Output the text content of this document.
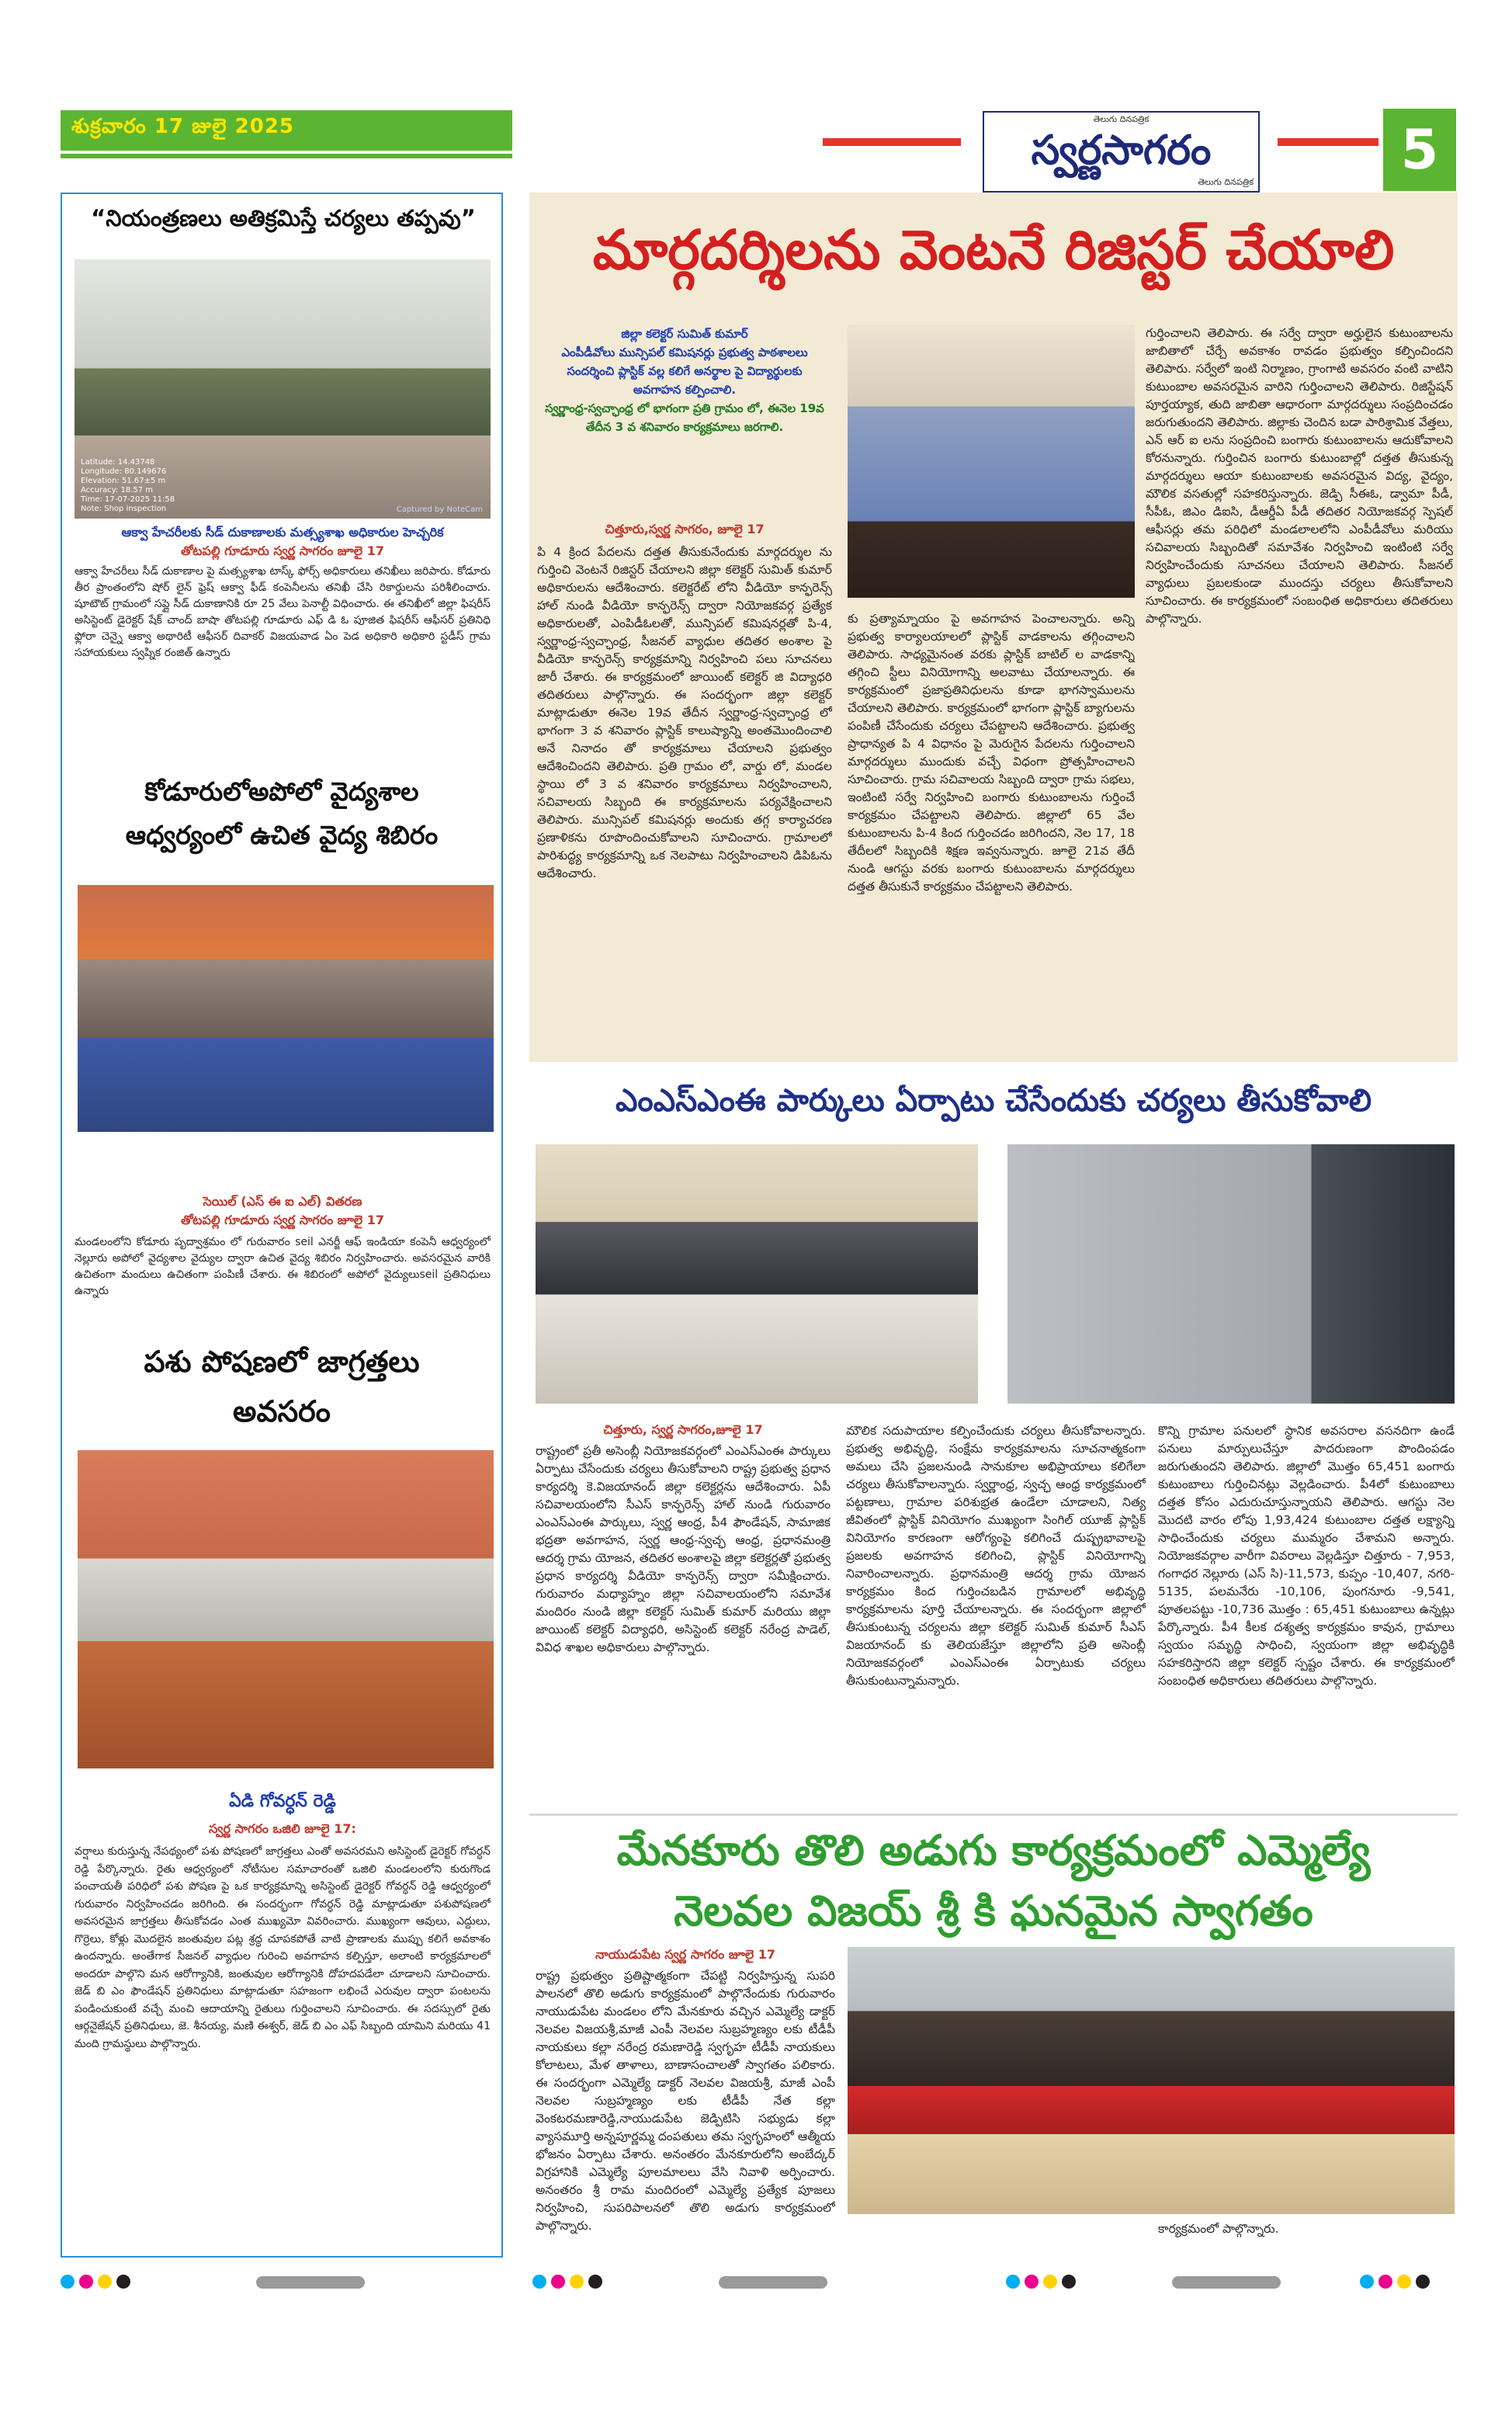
శుక్రవారం 17 జులై 2025	తెలుగు దినపత్రిక
స్వర్ణసాగరం
తెలుగు దినపత్రిక
5
“నియంత్రణలు అతిక్రమిస్తే చర్యలు తప్పవు”
Latitude: 14.43748
Longitude: 80.149676
Elevation: 51.67±5 m
Accuracy: 18.57 m
Time: 17-07-2025 11:58
Note: Shop inspection	Captured by NoteCam
ఆక్వా హేచరీలకు సీడ్ దుకాణాలకు మత్స్యశాఖ అధికారుల హెచ్చరిక
తోటపల్లి గూడూరు స్వర్ణ సాగరం జూలై 17
ఆక్వా హేచరీలు సీడ్ దుకాణాల పై మత్స్యశాఖ టాస్క్ ఫోర్స్ అధికారులు తనిఖీలు జరిపారు. కోడూరు తీర ప్రాంతంలోని షోర్ లైన్ ఫ్రెష్ ఆక్వా ఫీడ్ కంపెనీలను తనిఖీ చేసి రికార్డులను పరిశీలించారు. షూటౌట్ గ్రామంలో సప్లై సీడ్ దుకాణానికి రూ 25 వేలు పెనాల్టీ విధించారు. ఈ తనిఖీలో జిల్లా ఫిషరీస్ అసిస్టెంట్ డైరెక్టర్ షేక్ చాంద్ బాషా తోటపల్లి గూడూరు ఎఫ్ డి ఓ పూజిత ఫిషరీస్ ఆఫీసర్ ప్రతినిధి ఫ్లోరా చెన్నై ఆక్వా అథారిటీ ఆఫీసర్ దివాకర్ విజయవాడ ఏం పెడ అధికారి అధికారి స్టడీస్ గ్రామ సహాయకులు స్వప్నిక రంజిత్ ఉన్నారు
కోడూరులోఅపోలో వైద్యశాల ఆధ్వర్యంలో ఉచిత వైద్య శిబిరం
సెయిల్ (ఎస్ ఈ ఐ ఎల్) వితరణ
తోటపల్లి గూడూరు స్వర్ణ సాగరం జూలై 17
మండలంలోని కోడూరు పృద్వాశ్రమం లో గురువారం seil ఎనర్జీ ఆఫ్ ఇండియా కంపెనీ ఆధ్వర్యంలో నెల్లూరు అపోలో వైద్యశాల వైద్యుల ద్వారా ఉచిత వైద్య శిబిరం నిర్వహించారు. అవసరమైన వారికి ఉచితంగా మందులు ఉచితంగా పంపిణీ చేశారు. ఈ శిబిరంలో అపోలో వైద్యులుseil ప్రతినిధులు ఉన్నారు
పశు పోషణలో జాగ్రత్తలు అవసరం
ఏడి గోవర్ధన్ రెడ్డి
స్వర్ణ సాగరం ఒజిలి జూలై 17:
వర్షాలు కురుస్తున్న నేపథ్యంలో పశు పోషణలో జాగ్రత్తలు ఎంతో అవసరమని అసిస్టెంట్ డైరెక్టర్ గోవర్ధన్ రెడ్డి పేర్కొన్నారు. రైతు ఆధ్వర్యంలో నోటీసుల సమాచారంతో ఒజిలి మండలంలోని కురుగొండ పంచాయతీ పరిధిలో పశు పోషణ పై ఒక కార్యక్రమాన్ని అసిస్టెంట్ డైరెక్టర్ గోవర్ధన్ రెడ్డి ఆధ్వర్యంలో గురువారం నిర్వహించడం జరిగింది. ఈ సందర్భంగా గోవర్ధన్ రెడ్డి మాట్లాడుతూ పశుపోషణలో అవసరమైన జాగ్రత్తలు తీసుకోవడం ఎంత ముఖ్యమో వివరించారు. ముఖ్యంగా ఆవులు, ఎద్దులు, గొర్రెలు, కోళ్లు మొదలైన జంతువుల పట్ల శ్రద్ధ చూపకపోతే వాటి ప్రాణాలకు ముప్పు కలిగే అవకాశం ఉందన్నారు. అంతేగాక సీజనల్ వ్యాధుల గురించి అవగాహన కల్పిస్తూ, అలాంటి కార్యక్రమాలలో అందరూ పాల్గొని మన ఆరోగ్యానికి, జంతువుల ఆరోగ్యానికి దోహదపడేలా చూడాలని సూచించారు. జెడ్ బి ఎం ఫౌండేషన్ ప్రతినిధులు మాట్లాడుతూ సహజంగా లభించే ఎరువుల ద్వారా పంటలను పండించుకుంటే వచ్చే మంచి ఆదాయాన్ని రైతులు గుర్తించాలని సూచించారు. ఈ సదస్సులో రైతు ఆర్గనైజేషన్ ప్రతినిధులు, జె. శీనయ్య, మణి ఈశ్వర్, జెడ్ బి ఎం ఎఫ్ సిబ్బంది యామిని మరియు 41 మంది గ్రామస్థులు పాల్గొన్నారు.
మార్గదర్శిలను వెంటనే రిజిస్టర్ చేయాలి
జిల్లా కలెక్టర్ సుమిత్ కుమార్
ఎంపీడీవోలు మున్సిపల్ కమిషనర్లు ప్రభుత్వ పాఠశాలలు
సందర్శించి ప్లాస్టిక్ వల్ల కలిగే అనర్థాల పై విద్యార్థులకు
అవగాహన కల్పించాలి.
స్వర్ణాంధ్ర-స్వచ్ఛాంధ్ర లో భాగంగా ప్రతి గ్రామం లో, ఈనెల 19వ తేదీన 3 వ శనివారం కార్యక్రమాలు జరగాలి.
చిత్తూరు,స్వర్ణ సాగరం, జూలై 17
పి 4 క్రింద పేదలను దత్తత తీసుకునేందుకు మార్గదర్శుల ను గుర్తించి వెంటనే రిజిస్టర్ చేయాలని జిల్లా కలెక్టర్ సుమిత్ కుమార్ అధికారులను ఆదేశించారు. కలెక్టరేట్ లోని వీడియో కాన్ఫరెన్స్ హాల్ నుండి వీడియో కాన్ఫరెన్స్ ద్వారా నియోజకవర్గ ప్రత్యేక అధికారులతో, ఎంపిడీఓలతో, మున్సిపల్ కమిషనర్లతో పి-4, స్వర్ణాంధ్ర-స్వచ్ఛాంధ్ర, సీజనల్ వ్యాధుల తదితర అంశాల పై వీడియో కాన్ఫరెన్స్ కార్యక్రమాన్ని నిర్వహించి పలు సూచనలు జారీ చేశారు. ఈ కార్యక్రమంలో జాయింట్ కలెక్టర్ జి విద్యాధరి తదితరులు పాల్గొన్నారు. ఈ సందర్భంగా జిల్లా కలెక్టర్ మాట్లాడుతూ ఈనెల 19వ తేదీన స్వర్ణాంధ్ర-స్వచ్ఛాంధ్ర లో భాగంగా 3 వ శనివారం ప్లాస్టిక్ కాలుష్యాన్ని అంతమొందించాలి అనే నినాదం తో కార్యక్రమాలు చేయాలని ప్రభుత్వం ఆదేశించిందని తెలిపారు. ప్రతి గ్రామం లో, వార్డు లో, మండల స్థాయి లో 3 వ శనివారం కార్యక్రమాలు నిర్వహించాలని, సచివాలయ సిబ్బంది ఈ కార్యక్రమాలను పర్యవేక్షించాలని తెలిపారు. మున్సిపల్ కమిషనర్లు అందుకు తగ్గ కార్యాచరణ ప్రణాళికను రూపొందించుకోవాలని సూచించారు. గ్రామాలలో పారిశుద్ధ్య కార్యక్రమాన్ని ఒక నెలపాటు నిర్వహించాలని డిపిఓను ఆదేశించారు.
కు ప్రత్యామ్నాయం పై అవగాహన పెంచాలన్నారు. అన్ని ప్రభుత్వ కార్యాలయాలలో ప్లాస్టిక్ వాడకాలను తగ్గించాలని తెలిపారు. సాధ్యమైనంత వరకు ప్లాస్టిక్ బాటిల్ ల వాడకాన్ని తగ్గించి స్టీలు వినియోగాన్ని అలవాటు చేయాలన్నారు. ఈ కార్యక్రమంలో ప్రజాప్రతినిధులను కూడా భాగస్వాములను చేయాలని తెలిపారు. కార్యక్రమంలో భాగంగా ప్లాస్టిక్ బ్యాగులను పంపిణీ చేసేందుకు చర్యలు చేపట్టాలని ఆదేశించారు. ప్రభుత్వ ప్రాధాన్యత పి 4 విధానం పై మెరుగైన పేదలను గుర్తించాలని మార్గదర్శులు ముందుకు వచ్చే విధంగా ప్రోత్సహించాలని సూచించారు. గ్రామ సచివాలయ సిబ్బంది ద్వారా గ్రామ సభలు, ఇంటింటి సర్వే నిర్వహించి బంగారు కుటుంబాలను గుర్తించే కార్యక్రమం చేపట్టాలని తెలిపారు. జిల్లాలో 65 వేల కుటుంబాలను పి-4 కింద గుర్తించడం జరిగిందని, నెల 17, 18 తేదీలలో సిబ్బందికి శిక్షణ ఇవ్వనున్నారు. జూలై 21వ తేదీ నుండి ఆగస్టు వరకు బంగారు కుటుంబాలను మార్గదర్శులు దత్తత తీసుకునే కార్యక్రమం చేపట్టాలని తెలిపారు.
గుర్తించాలని తెలిపారు. ఈ సర్వే ద్వారా అర్హులైన కుటుంబాలను జాబితాలో చేర్చే అవకాశం రావడం ప్రభుత్వం కల్పించిందని తెలిపారు. సర్వేలో ఇంటి నిర్మాణం, గ్రాంగాటి అవసరం వంటి వాటిని కుటుంబాల అవసరమైన వారిని గుర్తించాలని తెలిపారు. రిజిస్టేషన్ పూర్తయ్యాక, తుది జాబితా ఆధారంగా మార్గదర్శులు సంప్రదించడం జరుగుతుందని తెలిపారు. జిల్లాకు చెందిన బడా పారిశ్రామిక వేత్తలు, ఎన్ ఆర్ ఐ లను సంప్రదించి బంగారు కుటుంబాలను ఆదుకోవాలని కోరనున్నారు. గుర్తించిన బంగారు కుటుంబాల్లో దత్తత తీసుకున్న మార్గదర్శులు ఆయా కుటుంబాలకు అవసరమైన విద్య, వైద్యం, మౌలిక వసతుల్లో సహకరిస్తున్నారు. జెడ్పి సీఈఓ, డ్వామా పీడీ, సీపీఓ, జిఎం డిఐసి, డీఆర్డీఏ పీడీ తదితర నియోజకవర్గ స్పెషల్ ఆఫీసర్లు తమ పరిధిలో మండలాలలోని ఎంపీడీవోలు మరియు సచివాలయ సిబ్బందితో సమావేశం నిర్వహించి ఇంటింటి సర్వే నిర్వహించేందుకు సూచనలు చేయాలని తెలిపారు. సీజనల్ వ్యాధులు ప్రబలకుండా ముందస్తు చర్యలు తీసుకోవాలని సూచించారు. ఈ కార్యక్రమంలో సంబంధిత అధికారులు తదితరులు పాల్గొన్నారు.
ఎంఎస్ఎంఈ పార్కులు ఏర్పాటు చేసేందుకు చర్యలు తీసుకోవాలి
చిత్తూరు, స్వర్ణ సాగరం,జూలై 17
రాష్ట్రంలో ప్రతీ అసెంబ్లీ నియోజకవర్గంలో ఎంఎస్ఎంఈ పార్కులు ఏర్పాటు చేసేందుకు చర్యలు తీసుకోవాలని రాష్ట్ర ప్రభుత్వ ప్రధాన కార్యదర్శి కె.విజయానంద్ జిల్లా కలెక్టర్లను ఆదేశించారు. ఏపీ సచివాలయంలోని సీఎస్ కాన్ఫరెన్స్ హాల్ నుండి గురువారం ఎంఎస్ఎంఈ పార్కులు, స్వర్ణ ఆంధ్ర, పీ4 ఫౌండేషన్, సామాజిక భద్రతా అవగాహన, స్వర్ణ ఆంధ్ర-స్వచ్ఛ ఆంధ్ర, ప్రధానమంత్రి ఆదర్శ గ్రామ యోజన, తదితర అంశాలపై జిల్లా కలెక్టర్లతో ప్రభుత్వ ప్రధాన కార్యదర్శి వీడియో కాన్ఫరెన్స్ ద్వారా సమీక్షించారు. గురువారం మధ్యాహ్నం జిల్లా సచివాలయంలోని సమావేశ మందిరం నుండి జిల్లా కలెక్టర్ సుమిత్ కుమార్ మరియు జిల్లా జాయింట్ కలెక్టర్ విద్యాధరి, అసిస్టెంట్ కలెక్టర్ నరేంద్ర పాడెల్, వివిధ శాఖల అధికారులు పాల్గొన్నారు.
మౌలిక సదుపాయాల కల్పించేందుకు చర్యలు తీసుకోవాలన్నారు. ప్రభుత్వ అభివృద్ధి, సంక్షేమ కార్యక్రమాలను సూచనాత్మకంగా అమలు చేసి ప్రజలనుండి సానుకూల అభిప్రాయాలు కలిగేలా చర్యలు తీసుకోవాలన్నారు. స్వర్ణాంధ్ర, స్వచ్ఛ ఆంధ్ర కార్యక్రమంలో పట్టణాలు, గ్రామాల పరిశుభ్రత ఉండేలా చూడాలని, నిత్య జీవితంలో ప్లాస్టిక్ వినియోగం ముఖ్యంగా సింగిల్ యూజ్ ప్లాస్టిక్ వినియోగం కారణంగా ఆరోగ్యంపై కలిగించే దుష్ప్రభావాలపై ప్రజలకు అవగాహన కలిగించి, ప్లాస్టిక్ వినియోగాన్ని నివారించాలన్నారు. ప్రధానమంత్రి ఆదర్శ గ్రామ యోజన కార్యక్రమం కింద గుర్తించబడిన గ్రామాలలో అభివృద్ధి కార్యక్రమాలను పూర్తి చేయాలన్నారు. ఈ సందర్భంగా జిల్లాలో తీసుకుంటున్న చర్యలను జిల్లా కలెక్టర్ సుమిత్ కుమార్ సీఎస్ విజయానంద్ కు తెలియజేస్తూ జిల్లాలోని ప్రతి అసెంబ్లీ నియోజకవర్గంలో ఎంఎస్ఎంఈ ఏర్పాటుకు చర్యలు తీసుకుంటున్నామన్నారు.
కొన్ని గ్రామాల పనులలో స్థానిక అవసరాల వసనదిగా ఉండే పనులు మార్పులుచేస్తూ పాదరుణంగా పొందింపడం జరుగుతుందని తెలిపారు. జిల్లాలో మొత్తం 65,451 బంగారు కుటుంబాలు గుర్తించినట్లు వెల్లడించారు. పీ4లో కుటుంబాలు దత్తత కోసం ఎదురుచూస్తున్నాయని తెలిపారు. ఆగస్టు నెల మొదటి వారం లోపు 1,93,424 కుటుంబాల దత్తత లక్ష్యాన్ని సాధించేందుకు చర్యలు ముమ్మరం చేశామని అన్నారు. నియోజకవర్గాల వారీగా వివరాలు వెల్లడిస్తూ చిత్తూరు - 7,953, గంగాధర నెల్లూరు (ఎస్ సి)-11,573, కుప్పం -10,407, నగరి- 5135, పలమనేరు -10,106, పుంగనూరు -9,541, పూతలపట్టు -10,736 మొత్తం : 65,451 కుటుంబాలు ఉన్నట్లు పేర్కొన్నారు. పీ4 కీలక దశ్యత్వ కార్యక్రమం కావున, గ్రామాలు స్వయం సమృద్ధి సాధించి, స్వయంగా జిల్లా అభివృద్ధికి సహకరిస్తారని జిల్లా కలెక్టర్ స్పష్టం చేశారు. ఈ కార్యక్రమంలో సంబంధిత అధికారులు తదితరులు పాల్గొన్నారు.
మేనకూరు తొలి అడుగు కార్యక్రమంలో ఎమ్మెల్యే
నెలవల విజయ్ శ్రీ కి ఘనమైన స్వాగతం
నాయుడుపేట స్వర్ణ సాగరం జూలై 17
రాష్ట్ర ప్రభుత్వం ప్రతిష్టాత్మకంగా చేపట్టి నిర్వహిస్తున్న సుపరి పాలనలో తొలి అడుగు కార్యక్రమంలో పాల్గొనేందుకు గురువారం నాయుడుపేట మండలం లోని మేనకూరు వచ్చిన ఎమ్మెల్యే డాక్టర్ నెలవల విజయశ్రీ,మాజీ ఎంపీ నెలవల సుబ్రహ్మణ్యం లకు టీడీపీ నాయకులు కల్లా నరేంద్ర రమణారెడ్డి స్వగృహ టీడీపీ నాయకులు కోలాటలు, మేళ తాళాలు, బాణాసంచాలతో స్వాగతం పలికారు. ఈ సందర్భంగా ఎమ్మెల్యే డాక్టర్ నెలవల విజయశ్రీ, మాజీ ఎంపీ నెలవల సుబ్రహ్మణ్యం లకు టీడీపీ నేత కల్లా వెంకటరమణారెడ్డి,నాయుడుపేట జెడ్పిటిసి సభ్యుడు కల్లా వ్యాసమూర్తి అన్నపూర్ణమ్మ దంపతులు తమ స్వగృహంలో ఆత్మీయ భోజనం ఏర్పాటు చేశారు. అనంతరం మేనకూరులోని అంబేద్కర్ విగ్రహానికి ఎమ్మెల్యే పూలమాలలు వేసి నివాళి అర్పించారు. అనంతరం శ్రీ రామ మందిరంలో ఎమ్మెల్యే ప్రత్యేక పూజలు నిర్వహించి, సుపరిపాలనలో తొలి అడుగు కార్యక్రమంలో పాల్గొన్నారు.	కార్యక్రమంలో పాల్గొన్నారు.
